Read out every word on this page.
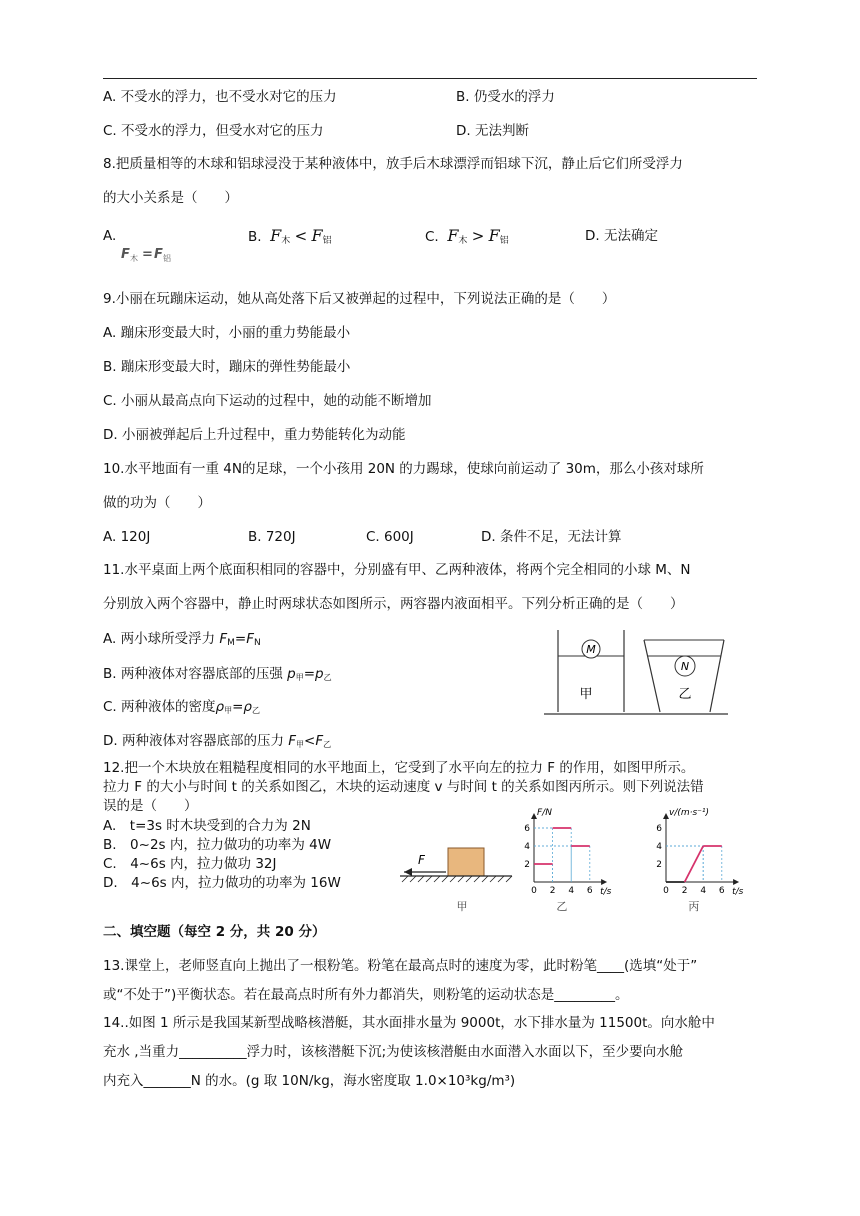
A. 不受水的浮力，也不受水对它的压力	B. 仍受水的浮力
C. 不受水的浮力，但受水对它的压力	D. 无法判断
8.把质量相等的木球和铝球浸没于某种液体中，放手后木球漂浮而铝球下沉，静止后它们所受浮力
的大小关系是（　　）
A.
F 木 = F 铝
B. $F_木 < F_铝$	C. $F_木 > F_铝$	D. 无法确定
9.小丽在玩蹦床运动，她从高处落下后又被弹起的过程中，下列说法正确的是（　　）
A. 蹦床形变最大时，小丽的重力势能最小
B. 蹦床形变最大时，蹦床的弹性势能最小
C. 小丽从最高点向下运动的过程中，她的动能不断增加
D. 小丽被弹起后上升过程中，重力势能转化为动能
10.水平地面有一重 4N的足球，一个小孩用 20N 的力踢球，使球向前运动了 30m，那么小孩对球所
做的功为（　　）
A. 120J	B. 720J	C. 600J	D. 条件不足，无法计算
11.水平桌面上两个底面积相同的容器中，分别盛有甲、乙两种液体，将两个完全相同的小球 M、N
分别放入两个容器中，静止时两球状态如图所示，两容器内液面相平。下列分析正确的是（　　）
A. 两小球所受浮力 $F_M=F_N$
B. 两种液体对容器底部的压强 $p_甲=p_乙$
C. 两种液体的密度$\rho_甲=\rho_乙$
D. 两种液体对容器底部的压力 $F_甲<F_乙$
M
甲
N
乙
12.把一个木块放在粗糙程度相同的水平地面上，它受到了水平向左的拉力 F 的作用，如图甲所示。
拉力 F 的大小与时间 t 的关系如图乙，木块的运动速度 v 与时间 t 的关系如图丙所示。则下列说法错
误的是（　　）
A.　t=3s 时木块受到的合力为 2N
B.　0~2s 内，拉力做功的功率为 4W
C.　4~6s 内，拉力做功 32J
D.　4~6s 内，拉力做功的功率为 16W
F
甲
F/N
t/s
0 2 4 6
2
4
6
乙
v/(m·s⁻¹)
t/s
0 2 4 6
2
4
6
丙
二、填空题（每空 2 分，共 20 分）
13.课堂上，老师竖直向上抛出了一根粉笔。粉笔在最高点时的速度为零，此时粉笔____(选填“处于”
或“不处于”)平衡状态。若在最高点时所有外力都消失，则粉笔的运动状态是_________。
14..如图 1 所示是我国某新型战略核潜艇，其水面排水量为 9000t，水下排水量为 11500t。向水舱中
充水 ,当重力__________浮力时，该核潜艇下沉;为使该核潜艇由水面潜入水面以下，至少要向水舱
内充入_______N 的水。(g 取 10N/kg，海水密度取 1.0×10³kg/m³)
